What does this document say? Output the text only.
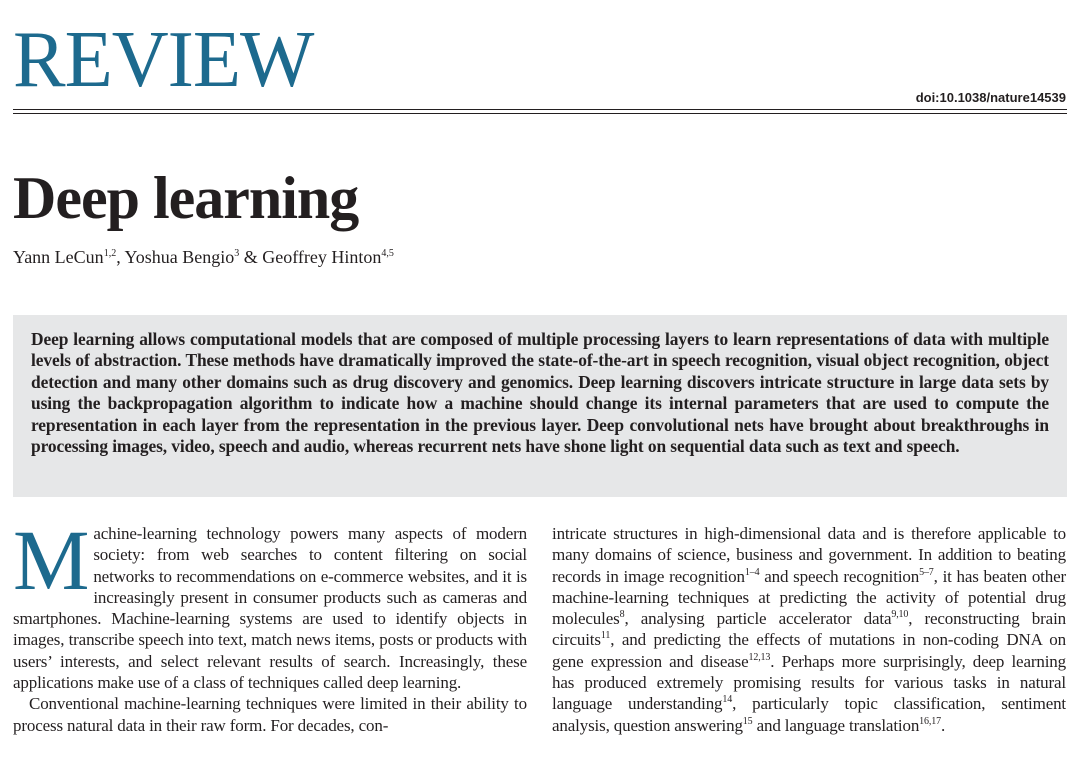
REVIEW	doi:10.1038/nature14539
Deep learning
Yann LeCun$^{1,2}$, Yoshua Bengio$^3$ & Geoffrey Hinton$^{4,5}$
Deep learning allows computational models that are composed of multiple processing layers to learn representations of data with multiple levels of abstraction. These methods have dramatically improved the state-of-the-art in speech recognition, visual object recognition, object detection and many other domains such as drug discovery and genomics. Deep learning discovers intricate structure in large data sets by using the backpropagation algorithm to indicate how a machine should change its internal parameters that are used to compute the representation in each layer from the representation in the previous layer. Deep convolutional nets have brought about breakthroughs in processing images, video, speech and audio, whereas recurrent nets have shone light on sequential data such as text and speech.

Machine-learning technology powers many aspects of modern society: from web searches to content filtering on social networks to recommendations on e-commerce websites, and it is increasingly present in consumer products such as cameras and smartphones. Machine-learning systems are used to identify objects in images, transcribe speech into text, match news items, posts or products with users’ interests, and select relevant results of search. Increasingly, these applications make use of a class of techniques called deep learning.

Conventional machine-learning techniques were limited in their ability to process natural data in their raw form. For decades, con-

intricate structures in high-dimensional data and is therefore applicable to many domains of science, business and government. In addition to beating records in image recognition$^{1-4}$ and speech recognition$^{5-7}$, it has beaten other machine-learning techniques at predicting the activity of potential drug molecules$^8$, analysing particle accelerator data$^{9,10}$, reconstructing brain circuits$^{11}$, and predicting the effects of mutations in non-coding DNA on gene expression and disease$^{12,13}$. Perhaps more surprisingly, deep learning has produced extremely promising results for various tasks in natural language understanding$^{14}$, particularly topic classification, sentiment analysis, question answering$^{15}$ and language translation$^{16,17}$.
